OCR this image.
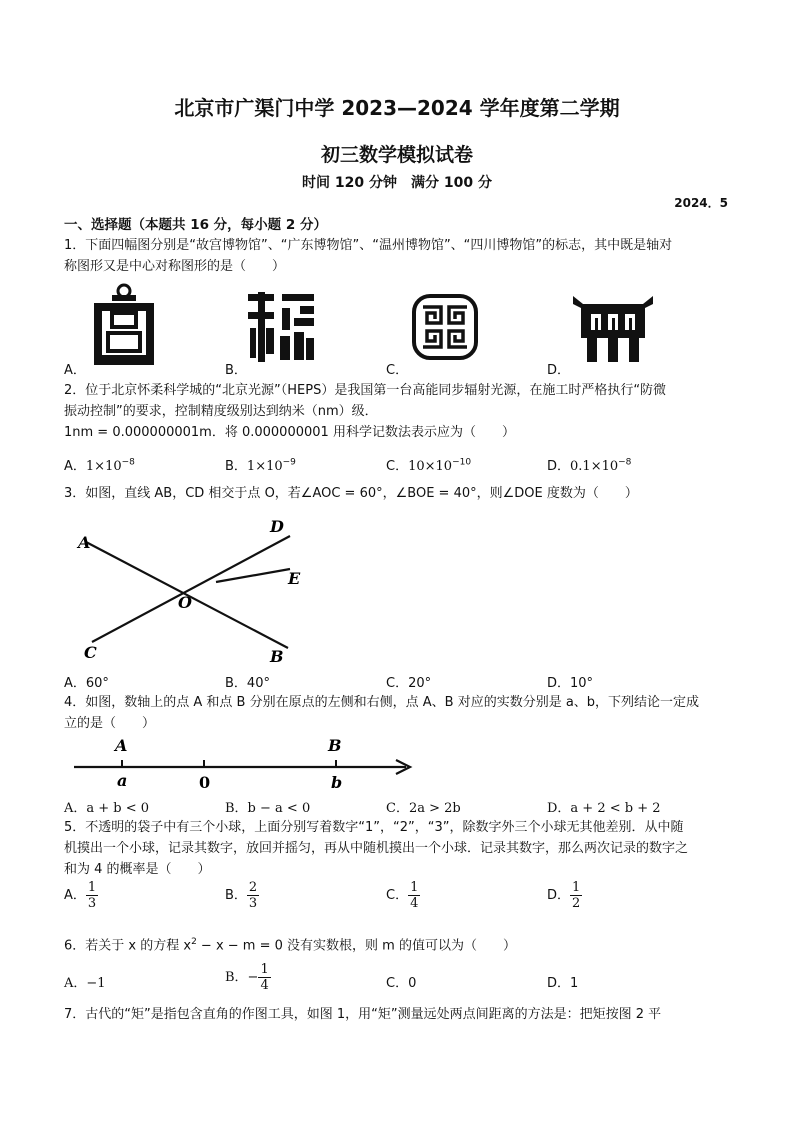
北京市广渠门中学 2023—2024 学年度第二学期
初三数学模拟试卷
时间 120 分钟　满分 100 分
2024．5
一、选择题（本题共 16 分，每小题 2 分）
1．下面四幅图分别是“故宫博物馆”、“广东博物馆”、“温州博物馆”、“四川博物馆”的标志，其中既是轴对
称图形又是中心对称图形的是（　　）
A．	B．	C．	D．
2．位于北京怀柔科学城的“北京光源”（HEPS）是我国第一台高能同步辐射光源，在施工时严格执行“防微
振动控制”的要求，控制精度级别达到纳米（nm）级．
1nm = 0.000000001m．将 0.000000001 用科学记数法表示应为（　　）
A．$1\times 10^{-8}$	B．$1\times 10^{-9}$	C．$10\times 10^{-10}$	D．$0.1\times 10^{-8}$
3．如图，直线 AB，CD 相交于点 O，若∠AOC = 60°，∠BOE = 40°，则∠DOE 度数为（　　）
A
B
C
D
E
O
A．60°	B．40°	C．20°	D．10°
4．如图，数轴上的点 A 和点 B 分别在原点的左侧和右侧，点 A、B 对应的实数分别是 a、b，下列结论一定成
立的是（　　）
A
a	0
B
b
A．a + b < 0	B．b − a < 0	C．2a > 2b	D．a + 2 < b + 2
5．不透明的袋子中有三个小球，上面分别写着数字“1”，“2”，“3”，除数字外三个小球无其他差别．从中随
机摸出一个小球，记录其数字，放回并摇匀，再从中随机摸出一个小球．记录其数字，那么两次记录的数字之
和为 4 的概率是（　　）
A． $\frac{1}{3}$	B． $\frac{2}{3}$	C． $\frac{1}{4}$	D． $\frac{1}{2}$
6．若关于 x 的方程 $x^2 - x - m = 0$ 没有实数根，则 m 的值可以为（　　）
A．−1	B．− $\frac{1}{4}$	C．0	D．1
7．古代的“矩”是指包含直角的作图工具，如图 1，用“矩”测量远处两点间距离的方法是：把矩按图 2 平
